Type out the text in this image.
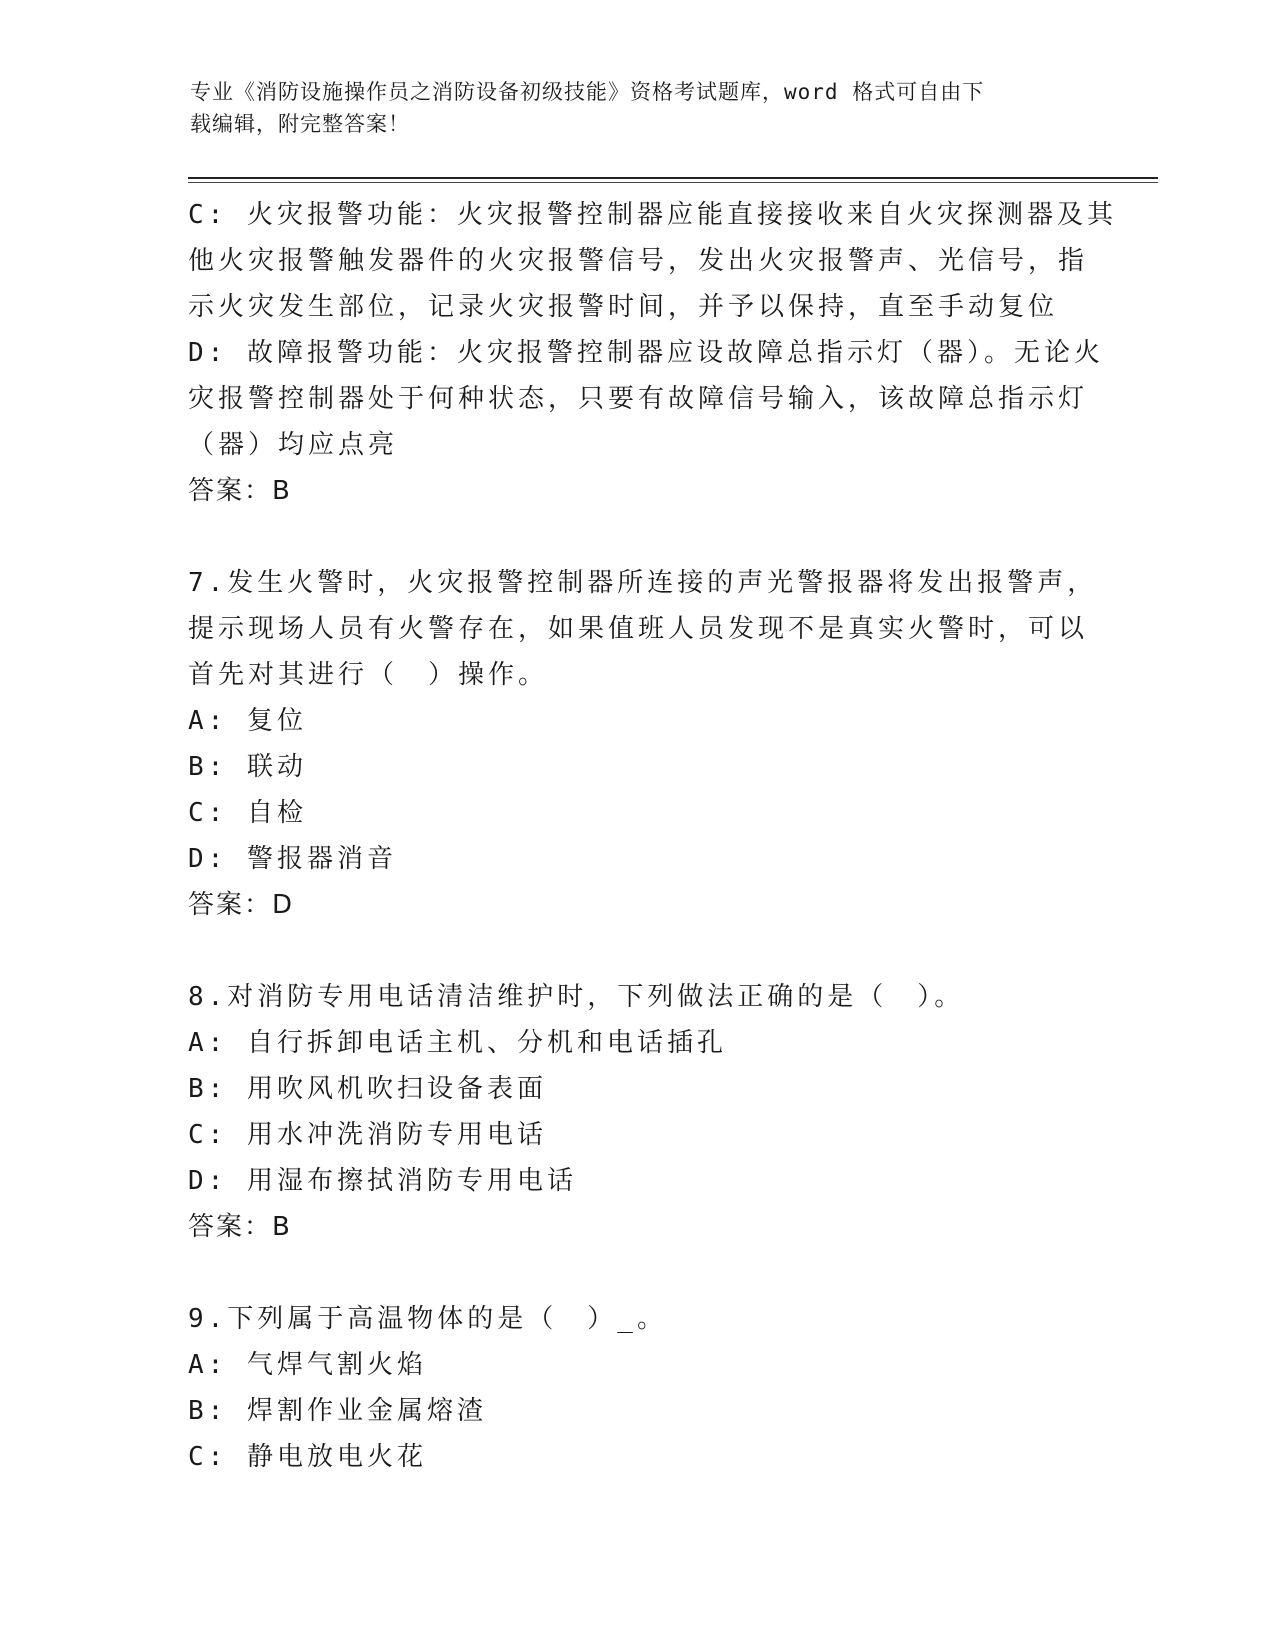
专业《消防设施操作员之消防设备初级技能》资格考试题库，word 格式可自由下
载编辑，附完整答案！
C: 火灾报警功能：火灾报警控制器应能直接接收来自火灾探测器及其
他火灾报警触发器件的火灾报警信号，发出火灾报警声、光信号，指
示火灾发生部位，记录火灾报警时间，并予以保持，直至手动复位
D: 故障报警功能：火灾报警控制器应设故障总指示灯（器）。无论火
灾报警控制器处于何种状态，只要有故障信号输入，该故障总指示灯
（器）均应点亮
答案：B
7.发生火警时，火灾报警控制器所连接的声光警报器将发出报警声，
提示现场人员有火警存在，如果值班人员发现不是真实火警时，可以
首先对其进行（　）操作。
A: 复位
B: 联动
C: 自检
D: 警报器消音
答案：D
8.对消防专用电话清洁维护时，下列做法正确的是（　）。
A: 自行拆卸电话主机、分机和电话插孔
B: 用吹风机吹扫设备表面
C: 用水冲洗消防专用电话
D: 用湿布擦拭消防专用电话
答案：B
9.下列属于高温物体的是（　）_。
A: 气焊气割火焰
B: 焊割作业金属熔渣
C: 静电放电火花
